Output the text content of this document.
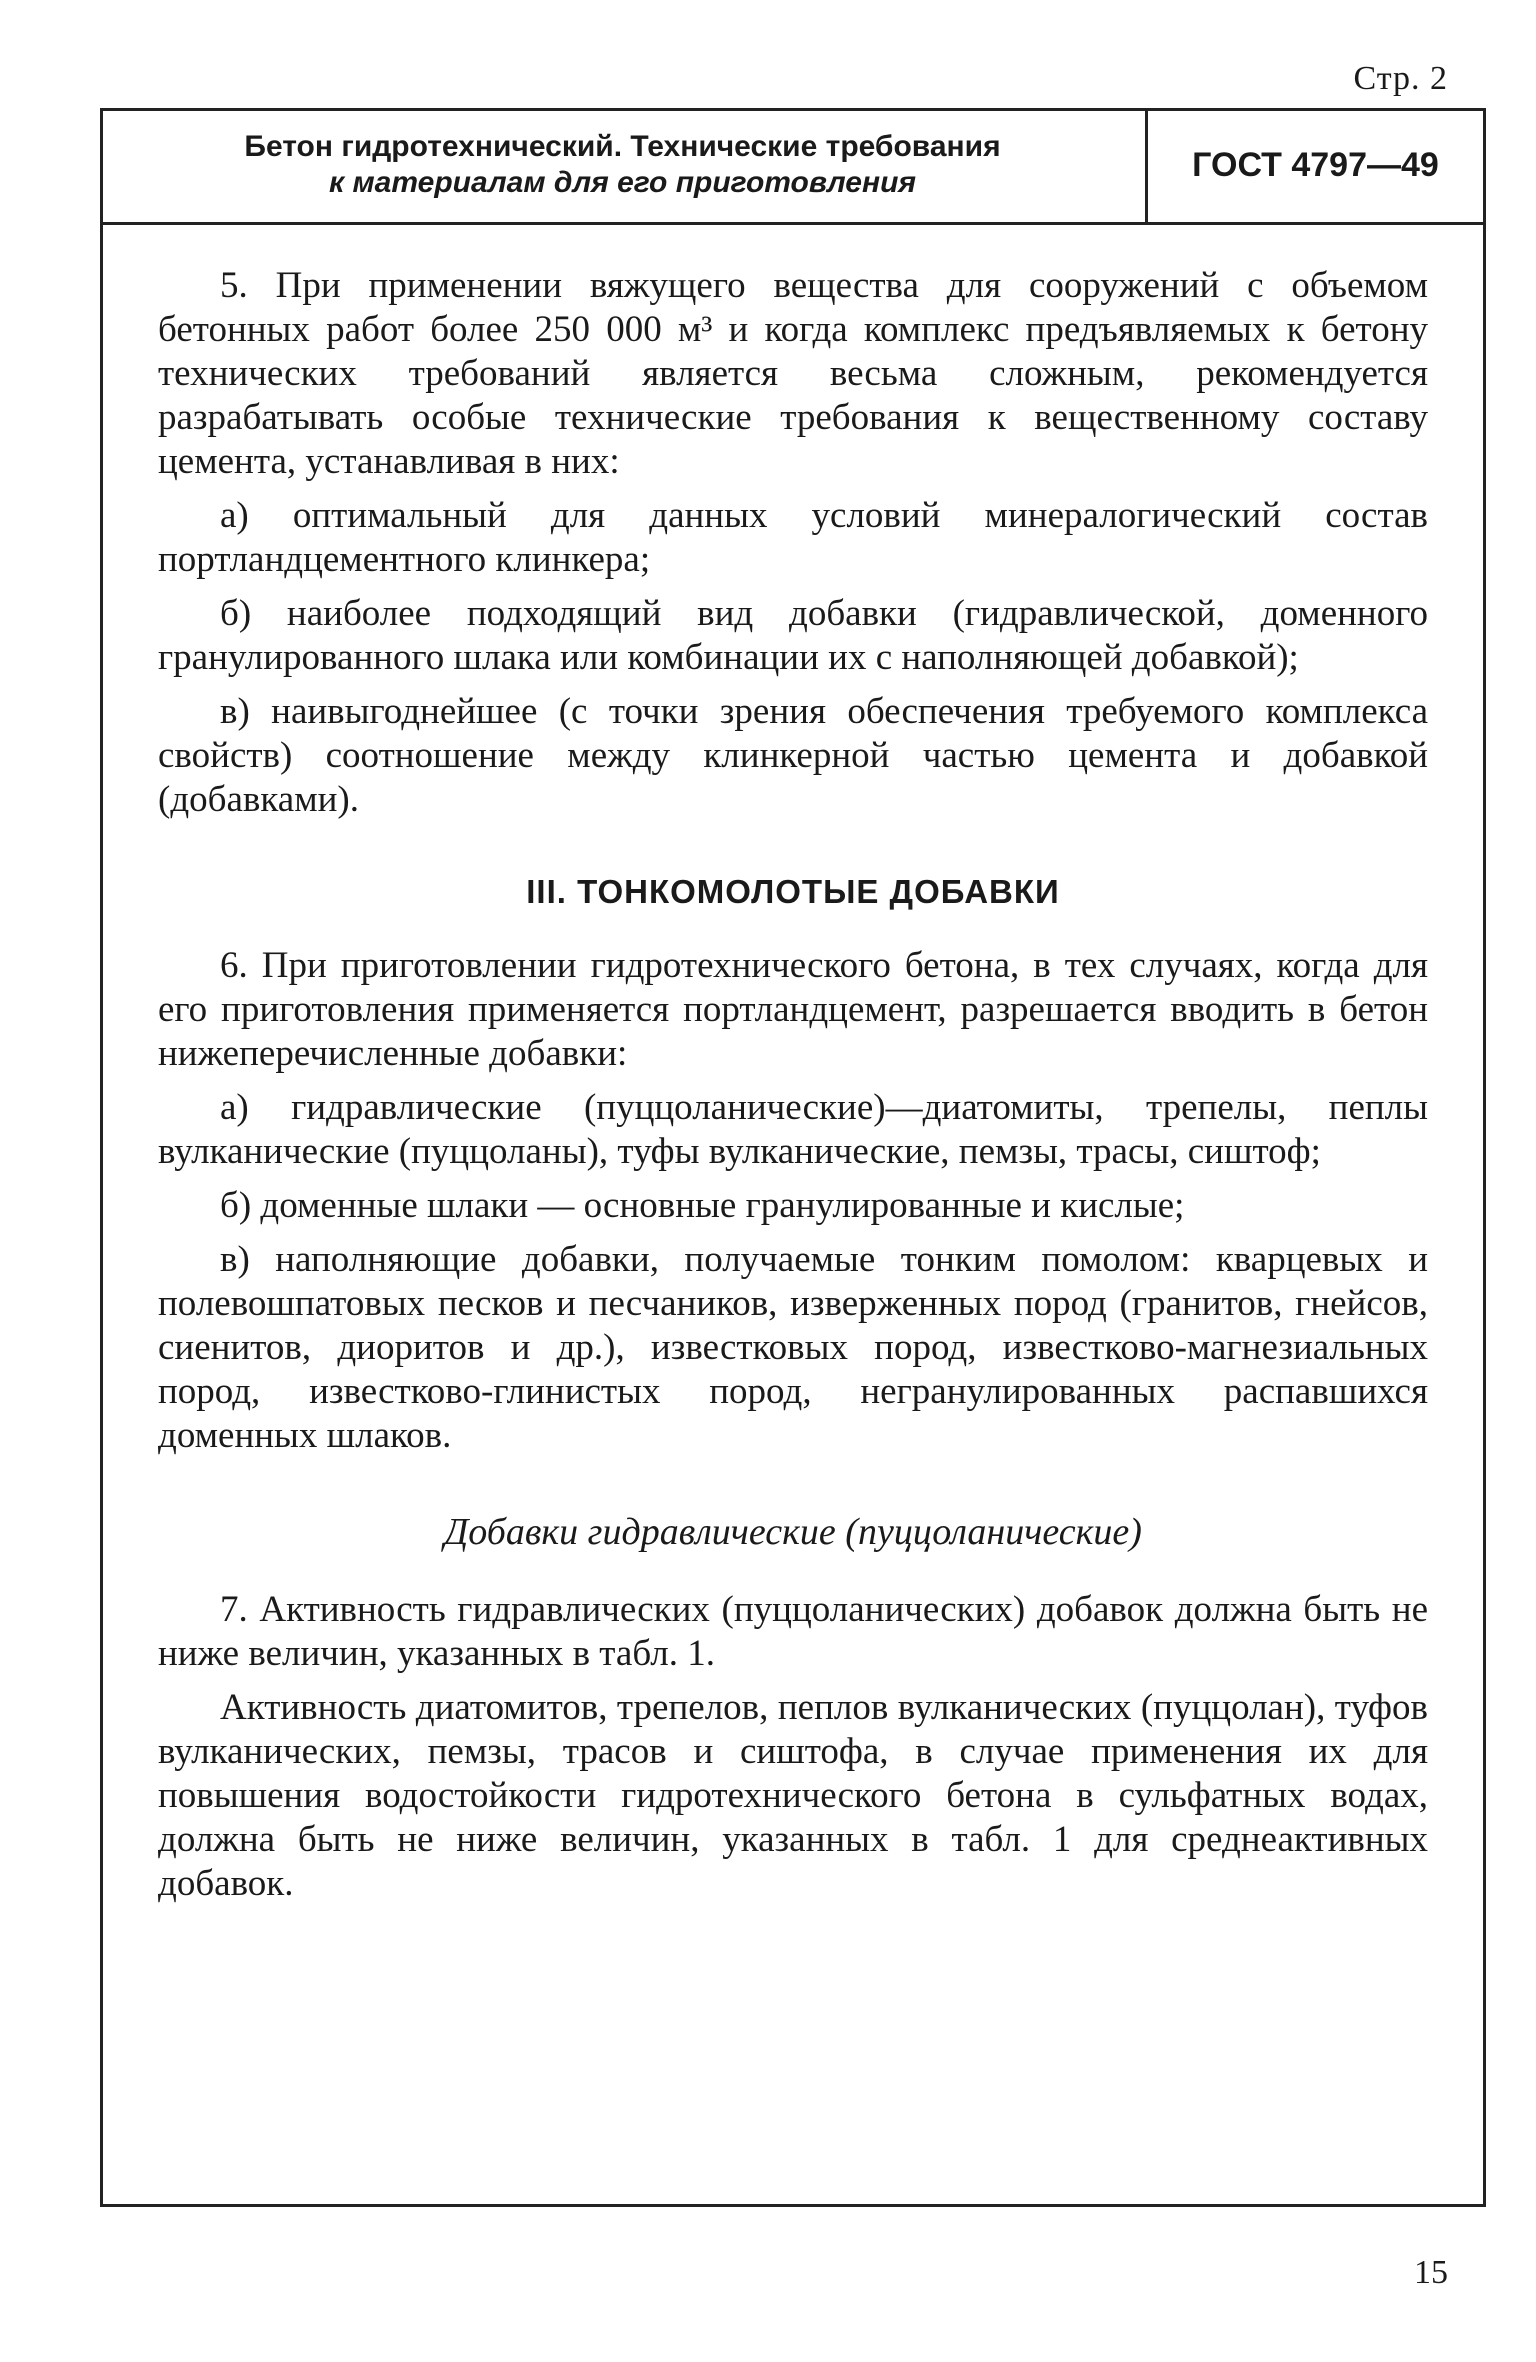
Стр. 2
Бетон гидротехнический. Технические требования
к материалам для его приготовления	ГОСТ 4797—49

5. При применении вяжущего вещества для сооружений с объемом бетонных работ более 250 000 м³ и когда комплекс предъявляемых к бетону технических требований является весьма сложным, рекомендуется разрабатывать особые технические требования к вещественному составу цемента, устанавливая в них:

а) оптимальный для данных условий минералогический состав портландцементного клинкера;

б) наиболее подходящий вид добавки (гидравлической, доменного гранулированного шлака или комбинации их с наполняющей добавкой);

в) наивыгоднейшее (с точки зрения обеспечения требуемого комплекса свойств) соотношение между клинкерной частью цемента и добавкой (добавками).

III. ТОНКОМОЛОТЫЕ ДОБАВКИ

6. При приготовлении гидротехнического бетона, в тех случаях, когда для его приготовления применяется портландцемент, разрешается вводить в бетон нижеперечисленные добавки:

а) гидравлические (пуццоланические)—диатомиты, трепелы, пеплы вулканические (пуццоланы), туфы вулканические, пемзы, трасы, сиштоф;

б) доменные шлаки — основные гранулированные и кислые;

в) наполняющие добавки, получаемые тонким помолом: кварцевых и полевошпатовых песков и песчаников, изверженных пород (гранитов, гнейсов, сиенитов, диоритов и др.), известковых пород, известково-магнезиальных пород, известково-глинистых пород, негранулированных распавшихся доменных шлаков.

Добавки гидравлические (пуццоланические)

7. Активность гидравлических (пуццоланических) добавок должна быть не ниже величин, указанных в табл. 1.

Активность диатомитов, трепелов, пеплов вулканических (пуццолан), туфов вулканических, пемзы, трасов и сиштофа, в случае применения их для повышения водостойкости гидротехнического бетона в сульфатных водах, должна быть не ниже величин, указанных в табл. 1 для среднеактивных добавок.

15
